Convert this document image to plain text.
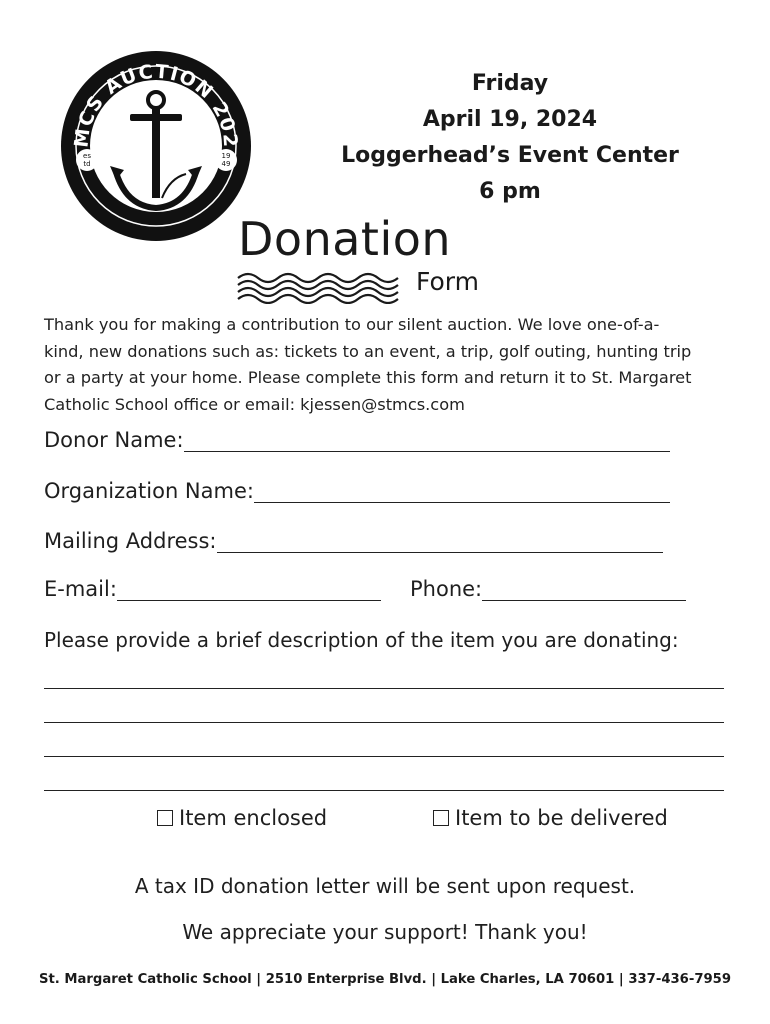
MCS AUCTION 202
GOING OVERBOARD
es
td
19
49
Friday
April 19, 2024
Loggerhead’s Event Center
6 pm
Donation
Form
Thank you for making a contribution to our silent auction. We love one-of-a-
kind, new donations such as: tickets to an event, a trip, golf outing, hunting trip
or a party at your home. Please complete this form and return it to St. Margaret
Catholic School office or email: kjessen@stmcs.com
Donor Name:
Organization Name:
Mailing Address:
E-mail:	Phone:
Please provide a brief description of the item you are donating:
Item enclosed	Item to be delivered
A tax ID donation letter will be sent upon request.
We appreciate your support! Thank you!
St. Margaret Catholic School | 2510 Enterprise Blvd. | Lake Charles, LA 70601 | 337-436-7959
